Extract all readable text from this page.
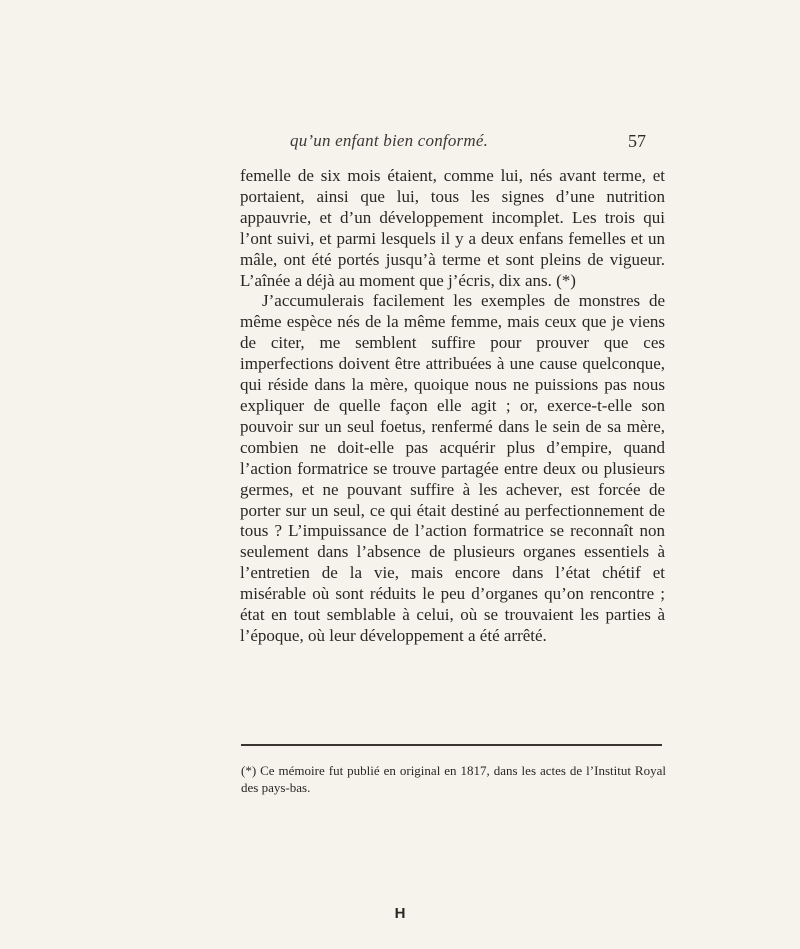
qu’un enfant bien conformé.	57

femelle de six mois étaient, comme lui, nés avant terme, et portaient, ainsi que lui, tous les signes d’une nutrition appauvrie, et d’un développement incomplet. Les trois qui l’ont suivi, et parmi lesquels il y a deux enfans femelles et un mâle, ont été portés jusqu’à terme et sont pleins de vigueur. L’aînée a déjà au moment que j’écris, dix ans. (*)

J’accumulerais facilement les exemples de monstres de même espèce nés de la même femme, mais ceux que je viens de citer, me semblent suffire pour prouver que ces imperfections doivent être attribuées à une cause quelconque, qui réside dans la mère, quoique nous ne puissions pas nous expliquer de quelle façon elle agit ; or, exerce-t-elle son pouvoir sur un seul foetus, renfermé dans le sein de sa mère, combien ne doit-elle pas acquérir plus d’empire, quand l’action formatrice se trouve partagée entre deux ou plusieurs germes, et ne pouvant suffire à les achever, est forcée de porter sur un seul, ce qui était destiné au perfectionnement de tous ? L’impuissance de l’action formatrice se reconnaît non seulement dans l’absence de plusieurs organes essentiels à l’entretien de la vie, mais encore dans l’état chétif et misérable où sont réduits le peu d’organes qu’on rencontre ; état en tout semblable à celui, où se trouvaient les parties à l’époque, où leur développement a été arrêté.

(*) Ce mémoire fut publié en original en 1817, dans les actes de l’Institut Royal des pays-bas.
H
